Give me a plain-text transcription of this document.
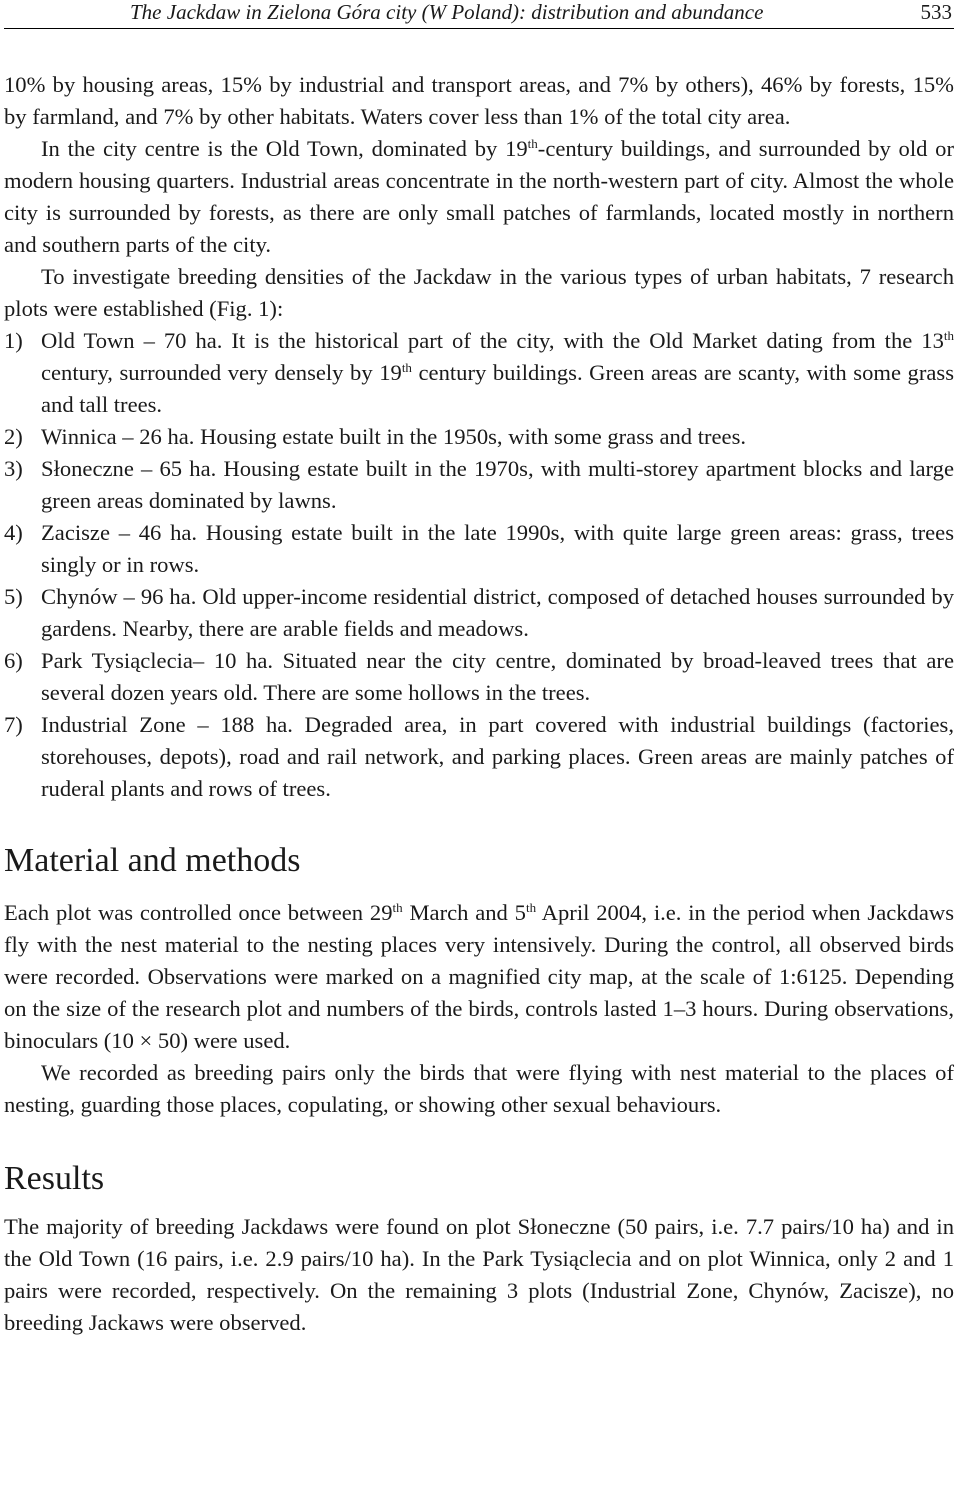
The Jackdaw in Zielona Góra city (W Poland): distribution and abundance	533

10% by housing areas, 15% by industrial and transport areas, and 7% by others), 46% by forests, 15% by farmland, and 7% by other habitats. Waters cover less than 1% of the total city area.

In the city centre is the Old Town, dominated by 19th-century buildings, and surrounded by old or modern housing quarters. Industrial areas concentrate in the north-western part of city. Almost the whole city is surrounded by forests, as there are only small patches of farmlands, located mostly in northern and southern parts of the city.

To investigate breeding densities of the Jackdaw in the various types of urban habitats, 7 research plots were established (Fig. 1):

1) Old Town – 70 ha. It is the historical part of the city, with the Old Market dating from the 13th century, surrounded very densely by 19th century buildings. Green areas are scanty, with some grass and tall trees.
2) Winnica – 26 ha. Housing estate built in the 1950s, with some grass and trees.
3) Słoneczne – 65 ha. Housing estate built in the 1970s, with multi-storey apartment blocks and large green areas dominated by lawns.
4) Zacisze – 46 ha. Housing estate built in the late 1990s, with quite large green areas: grass, trees singly or in rows.
5) Chynów – 96 ha. Old upper-income residential district, composed of detached houses surrounded by gardens. Nearby, there are arable fields and meadows.
6) Park Tysiąclecia– 10 ha. Situated near the city centre, dominated by broad-leaved trees that are several dozen years old. There are some hollows in the trees.
7) Industrial Zone – 188 ha. Degraded area, in part covered with industrial buildings (factories, storehouses, depots), road and rail network, and parking places. Green areas are mainly patches of ruderal plants and rows of trees.
Material and methods

Each plot was controlled once between 29th March and 5th April 2004, i.e. in the period when Jackdaws fly with the nest material to the nesting places very intensively. During the control, all observed birds were recorded. Observations were marked on a magnified city map, at the scale of 1:6125. Depending on the size of the research plot and numbers of the birds, controls lasted 1–3 hours. During observations, binoculars (10 × 50) were used.

We recorded as breeding pairs only the birds that were flying with nest material to the places of nesting, guarding those places, copulating, or showing other sexual behaviours.

Results

The majority of breeding Jackdaws were found on plot Słoneczne (50 pairs, i.e. 7.7 pairs/10 ha) and in the Old Town (16 pairs, i.e. 2.9 pairs/10 ha). In the Park Tysiąclecia and on plot Winnica, only 2 and 1 pairs were recorded, respectively. On the remaining 3 plots (Industrial Zone, Chynów, Zacisze), no breeding Jackaws were observed.
